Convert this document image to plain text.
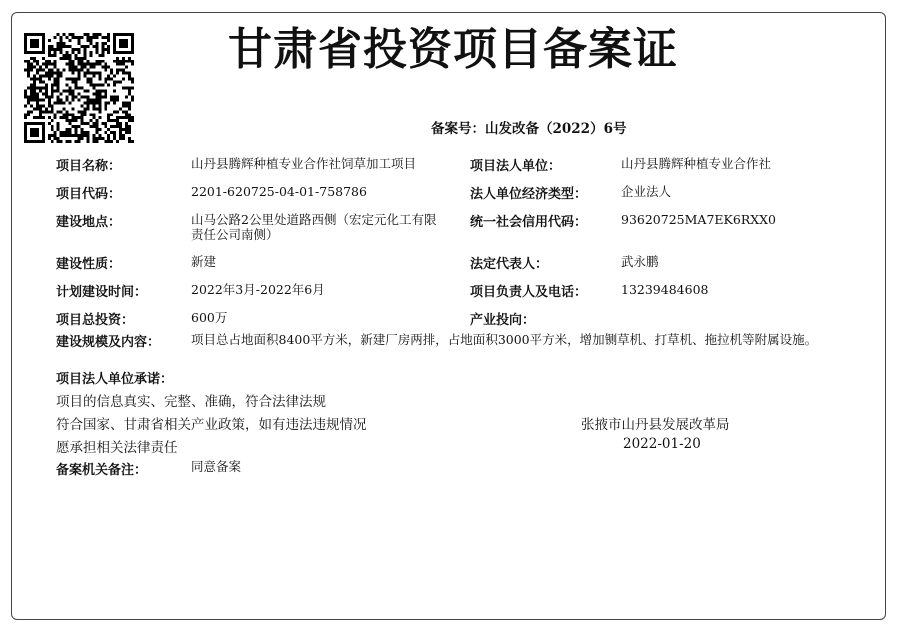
甘肃省投资项目备案证
备案号：山发改备（2022）6号
项目名称：	山丹县腾辉种植专业合作社饲草加工项目
项目代码：	2201-620725-04-01-758786
建设地点：	山马公路2公里处道路西侧（宏定元化工有限责任公司南侧）
建设性质：	新建
计划建设时间：	2022年3月-2022年6月
项目总投资：	600万
建设规模及内容： 项目总占地面积8400平方米，新建厂房两排，占地面积3000平方米，增加铡草机、打草机、拖拉机等附属设施。
项目法人单位：	山丹县腾辉种植专业合作社
法人单位经济类型：	企业法人
统一社会信用代码：	93620725MA7EK6RXX0
法定代表人：	武永鹏
项目负责人及电话：	13239484608
产业投向：
项目法人单位承诺：
项目的信息真实、完整、准确，符合法律法规
符合国家、甘肃省相关产业政策，如有违法违规情况
愿承担相关法律责任
张掖市山丹县发展改革局
2022-01-20
备案机关备注：	同意备案
